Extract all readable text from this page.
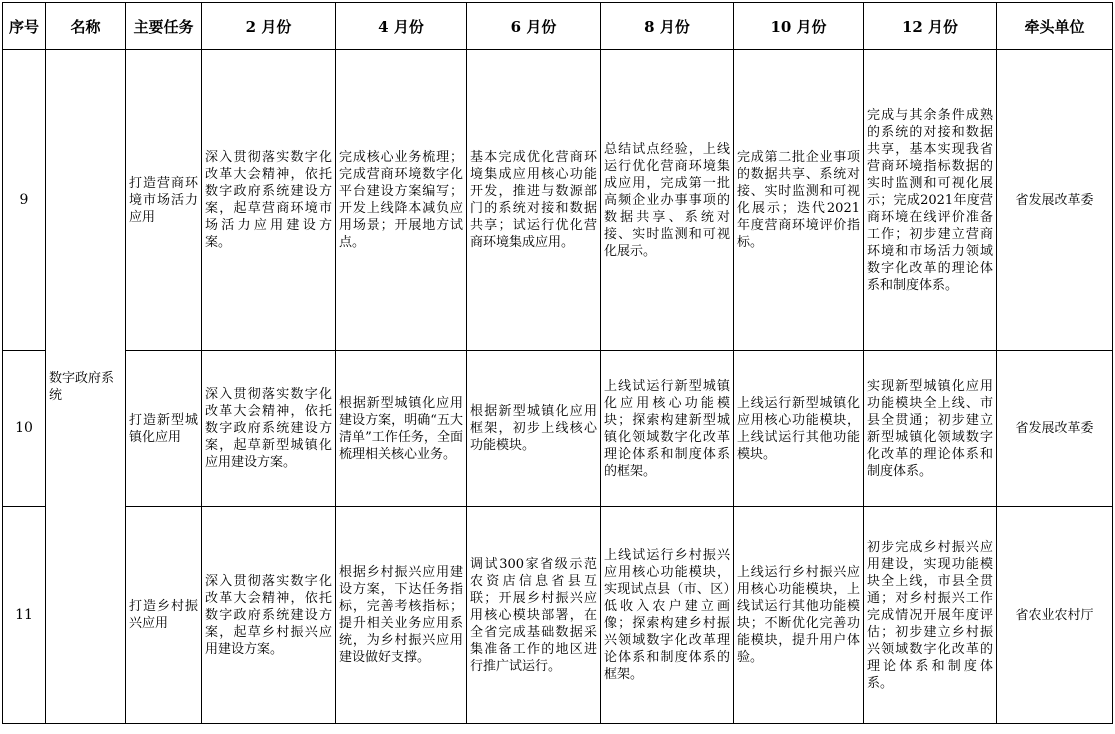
序号	名称	主要任务	2 月份	4 月份	6 月份	8 月份	10 月份	12 月份	牵头单位
9	数字政府系统	打造营商环境市场活力应用	深入贯彻落实数字化改革大会精神，依托数字政府系统建设方案，起草营商环境市场活力应用建设方案。	完成核心业务梳理；完成营商环境数字化平台建设方案编写；开发上线降本减负应用场景；开展地方试点。	基本完成优化营商环境集成应用核心功能开发，推进与数源部门的系统对接和数据共享；试运行优化营商环境集成应用。	总结试点经验，上线运行优化营商环境集成应用，完成第一批高频企业办事事项的数据共享、系统对接、实时监测和可视化展示。	完成第二批企业事项的数据共享、系统对接、实时监测和可视化展示；迭代2021年度营商环境评价指标。	完成与其余条件成熟的系统的对接和数据共享，基本实现我省营商环境指标数据的实时监测和可视化展示；完成2021年度营商环境在线评价准备工作；初步建立营商环境和市场活力领域数字化改革的理论体系和制度体系。	省发展改革委
10		打造新型城镇化应用	深入贯彻落实数字化改革大会精神，依托数字政府系统建设方案，起草新型城镇化应用建设方案。	根据新型城镇化应用建设方案，明确“五大清单”工作任务，全面梳理相关核心业务。	根据新型城镇化应用框架，初步上线核心功能模块。	上线试运行新型城镇化应用核心功能模块；探索构建新型城镇化领域数字化改革理论体系和制度体系的框架。	上线运行新型城镇化应用核心功能模块，上线试运行其他功能模块。	实现新型城镇化应用功能模块全上线、市县全贯通；初步建立新型城镇化领域数字化改革的理论体系和制度体系。	省发展改革委
11		打造乡村振兴应用	深入贯彻落实数字化改革大会精神，依托数字政府系统建设方案，起草乡村振兴应用建设方案。	根据乡村振兴应用建设方案，下达任务指标，完善考核指标；提升相关业务应用系统，为乡村振兴应用建设做好支撑。	调试300家省级示范农资店信息省县互联；开展乡村振兴应用核心模块部署，在全省完成基础数据采集准备工作的地区进行推广试运行。	上线试运行乡村振兴应用核心功能模块，实现试点县（市、区）低收入农户建立画像；探索构建乡村振兴领域数字化改革理论体系和制度体系的框架。	上线运行乡村振兴应用核心功能模块，上线试运行其他功能模块；不断优化完善功能模块，提升用户体验。	初步完成乡村振兴应用建设，实现功能模块全上线，市县全贯通；对乡村振兴工作完成情况开展年度评估；初步建立乡村振兴领域数字化改革的理论体系和制度体系。	省农业农村厅
